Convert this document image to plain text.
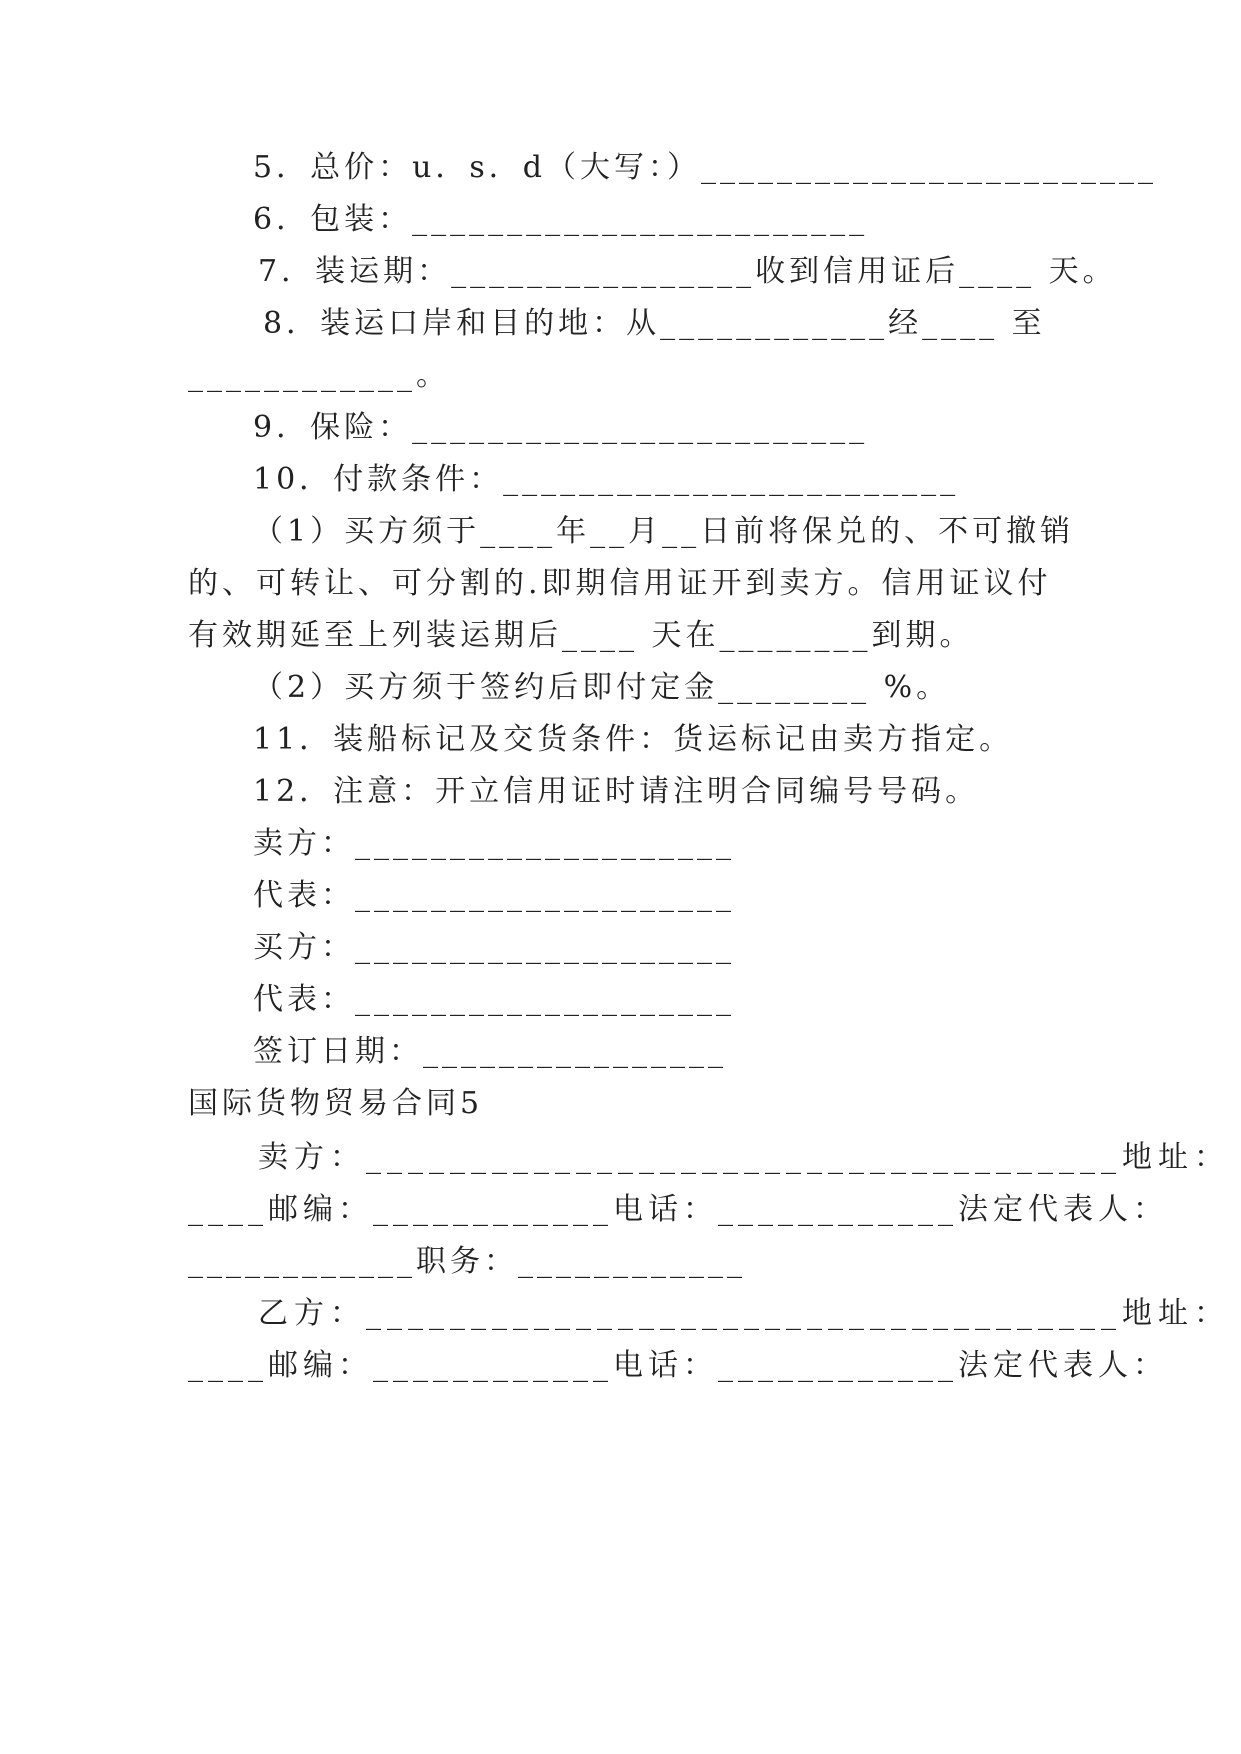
5．总价：u．s．d（大写：）________________________
6．包装：________________________
7．装运期：________________收到信用证后____ 天。
8．装运口岸和目的地：从____________经____ 至
____________。
9．保险：________________________
10．付款条件：________________________
（1）买方须于____年__月__日前将保兑的、不可撤销
的、可转让、可分割的.即期信用证开到卖方。信用证议付
有效期延至上列装运期后____ 天在________到期。
（2）买方须于签约后即付定金________ %。
11．装船标记及交货条件：货运标记由卖方指定。
12．注意：开立信用证时请注明合同编号号码。
卖方：____________________
代表：____________________
买方：____________________
代表：____________________
签订日期：________________
国际货物贸易合同5
卖方：____________________________________地址：
____邮编：____________电话：____________法定代表人：
____________职务：____________
乙方：____________________________________地址：
____邮编：____________电话：____________法定代表人：
